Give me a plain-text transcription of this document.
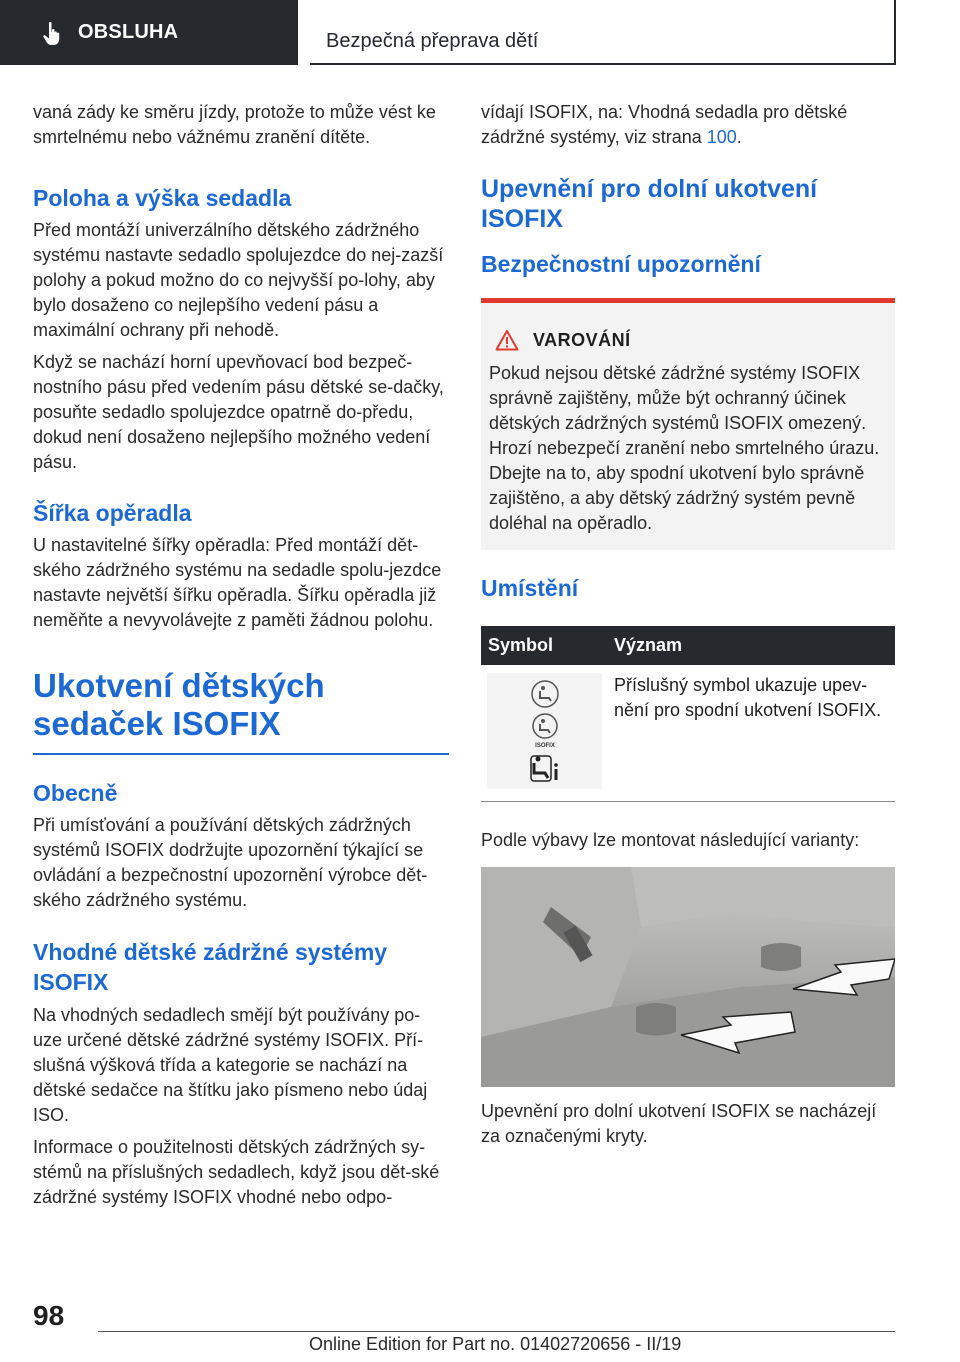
OBSLUHA	Bezpečná přeprava dětí

vaná zády ke směru jízdy, protože to může vést ke smrtelnému nebo vážnému zranění dítěte.

Poloha a výška sedadla

Před montáží univerzálního dětského zádržného systému nastavte sedadlo spolujezdce do nej-zazší polohy a pokud možno do co nejvyšší po-lohy, aby bylo dosaženo co nejlepšího vedení pásu a maximální ochrany při nehodě.

Když se nachází horní upevňovací bod bezpeč-nostního pásu před vedením pásu dětské se-dačky, posuňte sedadlo spolujezdce opatrně do-předu, dokud není dosaženo nejlepšího možného vedení pásu.

Šířka opěradla

U nastavitelné šířky opěradla: Před montáží dět-ského zádržného systému na sedadle spolu-jezdce nastavte největší šířku opěradla. Šířku opěradla již neměňte a nevyvolávejte z paměti žádnou polohu.

Ukotvení dětských sedaček ISOFIX
Obecně

Při umísťování a používání dětských zádržných systémů ISOFIX dodržujte upozornění týkající se ovládání a bezpečnostní upozornění výrobce dět-ského zádržného systému.

Vhodné dětské zádržné systémy ISOFIX

Na vhodných sedadlech smějí být používány po-uze určené dětské zádržné systémy ISOFIX. Pří-slušná výšková třída a kategorie se nachází na dětské sedačce na štítku jako písmeno nebo údaj ISO.

Informace o použitelnosti dětských zádržných sy-stémů na příslušných sedadlech, když jsou dět-ské zádržné systémy ISOFIX vhodné nebo odpo-

vídají ISOFIX, na: Vhodná sedadla pro dětské zádržné systémy, viz strana 100.

Upevnění pro dolní ukotvení ISOFIX
Bezpečnostní upozornění
VAROVÁNÍ

Pokud nejsou dětské zádržné systémy ISOFIX správně zajištěny, může být ochranný účinek dětských zádržných systémů ISOFIX omezený. Hrozí nebezpečí zranění nebo smrtelného úrazu. Dbejte na to, aby spodní ukotvení bylo správně zajištěno, a aby dětský zádržný systém pevně doléhal na opěradlo.

Umístění
Symbol	Význam

ISOFIX	Příslušný symbol ukazuje upev-nění pro spodní ukotvení ISOFIX.

Podle výbavy lze montovat následující varianty:

Upevnění pro dolní ukotvení ISOFIX se nacházejí za označenými kryty.

98
Online Edition for Part no. 01402720656 - II/19
